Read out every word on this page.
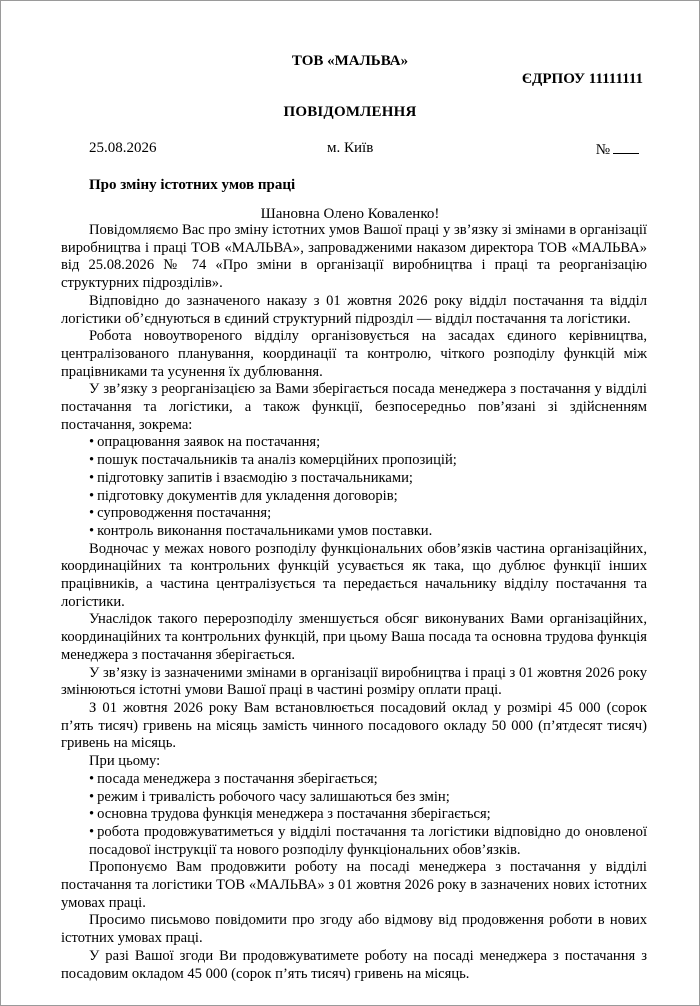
ТОВ «МАЛЬВА»
ЄДРПОУ 11111111
ПОВІДОМЛЕННЯ
25.08.2026	м. Київ	№
Про зміну істотних умов праці
Шановна Олено Коваленко!

Повідомляємо Вас про зміну істотних умов Вашої праці у зв’язку зі змінами в організації виробництва і праці ТОВ «МАЛЬВА», запровадженими наказом директора ТОВ «МАЛЬВА» від 25.08.2026 № 74 «Про зміни в організації виробництва і праці та реорганізацію структурних підрозділів».

Відповідно до зазначеного наказу з 01 жовтня 2026 року відділ постачання та відділ логістики об’єднуються в єдиний структурний підрозділ — відділ постачання та логістики.

Робота новоутвореного відділу організовується на засадах єдиного керівництва, централізованого планування, координації та контролю, чіткого розподілу функцій між працівниками та усунення їх дублювання.

У зв’язку з реорганізацією за Вами зберігається посада менеджера з постачання у відділі постачання та логістики, а також функції, безпосередньо пов’язані зі здійсненням постачання, зокрема:

• опрацювання заявок на постачання;
• пошук постачальників та аналіз комерційних пропозицій;
• підготовку запитів і взаємодію з постачальниками;
• підготовку документів для укладення договорів;
• супроводження постачання;
• контроль виконання постачальниками умов поставки.

Водночас у межах нового розподілу функціональних обов’язків частина організаційних, координаційних та контрольних функцій усувається як така, що дублює функції інших працівників, а частина централізується та передається начальнику відділу постачання та логістики.

Унаслідок такого перерозподілу зменшується обсяг виконуваних Вами організаційних, координаційних та контрольних функцій, при цьому Ваша посада та основна трудова функція менеджера з постачання зберігається.

У зв’язку із зазначеними змінами в організації виробництва і праці з 01 жовтня 2026 року змінюються істотні умови Вашої праці в частині розміру оплати праці.

З 01 жовтня 2026 року Вам встановлюється посадовий оклад у розмірі 45 000 (сорок п’ять тисяч) гривень на місяць замість чинного посадового окладу 50 000 (п’ятдесят тисяч) гривень на місяць.

При цьому:

• посада менеджера з постачання зберігається;
• режим і тривалість робочого часу залишаються без змін;
• основна трудова функція менеджера з постачання зберігається;
• робота продовжуватиметься у відділі постачання та логістики відповідно до оновленої посадової інструкції та нового розподілу функціональних обов’язків.

Пропонуємо Вам продовжити роботу на посаді менеджера з постачання у відділі постачання та логістики ТОВ «МАЛЬВА» з 01 жовтня 2026 року в зазначених нових істотних умовах праці.

Просимо письмово повідомити про згоду або відмову від продовження роботи в нових істотних умовах праці.

У разі Вашої згоди Ви продовжуватимете роботу на посаді менеджера з постачання з посадовим окладом 45 000 (сорок п’ять тисяч) гривень на місяць.
